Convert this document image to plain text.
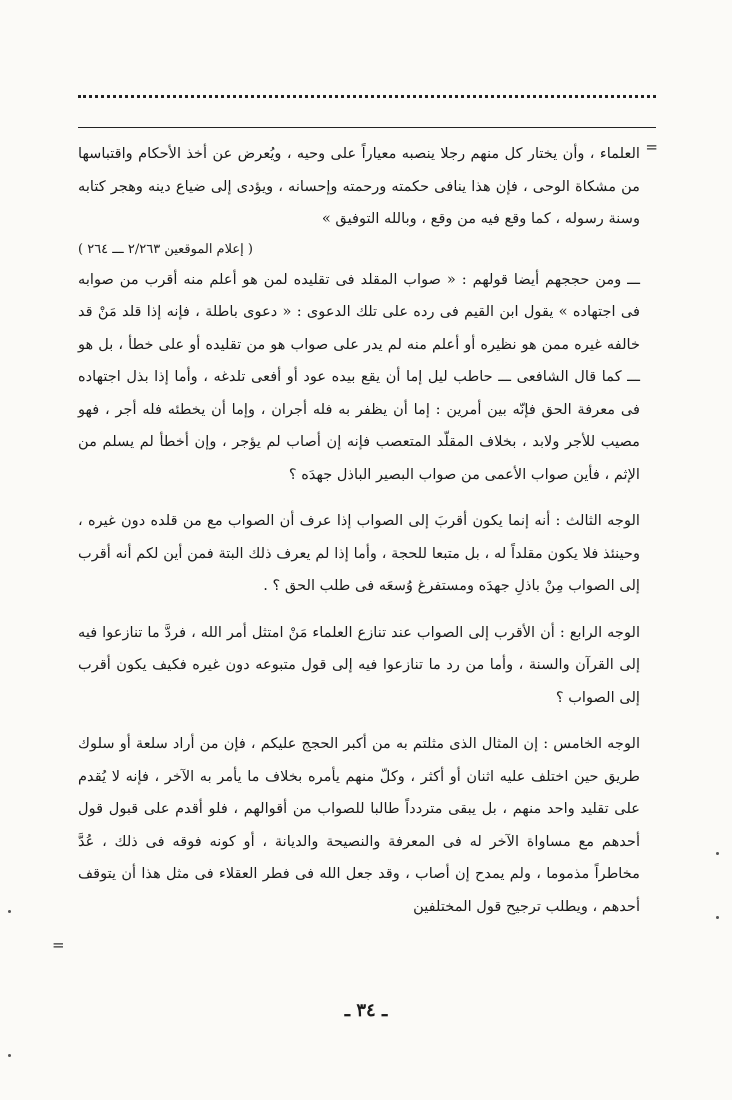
=

العلماء ، وأن يختار كل منهم رجلا ينصبه معياراً على وحيه ، ويُعرض عن أخذ الأحكام واقتباسها من مشكاة الوحى ، فإن هذا ينافى حكمته ورحمته وإحسانه ، ويؤدى إلى ضياع دينه وهجر كتابه وسنة رسوله ، كما وقع فيه من وقع ، وبالله التوفيق »

( إعلام الموقعين ٢/٢٦٣ ـــ ٢٦٤ )

ـــ ومن حججهم أيضا قولهم : « صواب المقلد فى تقليده لمن هو أعلم منه أقرب من صوابه فى اجتهاده » يقول ابن القيم فى رده على تلك الدعوى : « دعوى باطلة ، فإنه إذا قلد مَنْ قد خالفه غيره ممن هو نظيره أو أعلم منه لم يدر على صواب هو من تقليده أو على خطأ ، بل هو ـــ كما قال الشافعى ـــ حاطب ليل إما أن يقع بيده عود أو أفعى تلدغه ، وأما إذا بذل اجتهاده فى معرفة الحق فإنّه بين أمرين : إما أن يظفر به فله أجران ، وإما أن يخطئه فله أجر ، فهو مصيب للأجر ولابد ، بخلاف المقلّد المتعصب فإنه إن أصاب لم يؤجر ، وإن أخطأ لم يسلم من الإثم ، فأين صواب الأعمى من صواب البصير الباذل جهدَه ؟

الوجه الثالث : أنه إنما يكون أقربَ إلى الصواب إذا عرف أن الصواب مع من قلده دون غيره ، وحينئذ فلا يكون مقلداً له ، بل متبعا للحجة ، وأما إذا لم يعرف ذلك البتة فمن أين لكم أنه أقرب إلى الصواب مِنْ باذلِ جهدَه ومستفرغ وُسعَه فى طلب الحق ؟ .

الوجه الرابع : أن الأقرب إلى الصواب عند تنازع العلماء مَنْ امتثل أمر الله ، فردَّ ما تنازعوا فيه إلى القرآن والسنة ، وأما من رد ما تنازعوا فيه إلى قول متبوعه دون غيره فكيف يكون أقرب إلى الصواب ؟

الوجه الخامس : إن المثال الذى مثلتم به من أكبر الحجج عليكم ، فإن من أراد سلعة أو سلوك طريق حين اختلف عليه اثنان أو أكثر ، وكلّ منهم يأمره بخلاف ما يأمر به الآخر ، فإنه لا يُقدم على تقليد واحد منهم ، بل يبقى متردداً طالبا للصواب من أقوالهم ، فلو أقدم على قبول قول أحدهم مع مساواة الآخر له فى المعرفة والنصيحة والديانة ، أو كونه فوقه فى ذلك ، عُدَّ مخاطراً مذموما ، ولم يمدح إن أصاب ، وقد جعل الله فى فطر العقلاء فى مثل هذا أن يتوقف أحدهم ، ويطلب ترجيح قول المختلفين

=
ـ ٣٤ ـ
